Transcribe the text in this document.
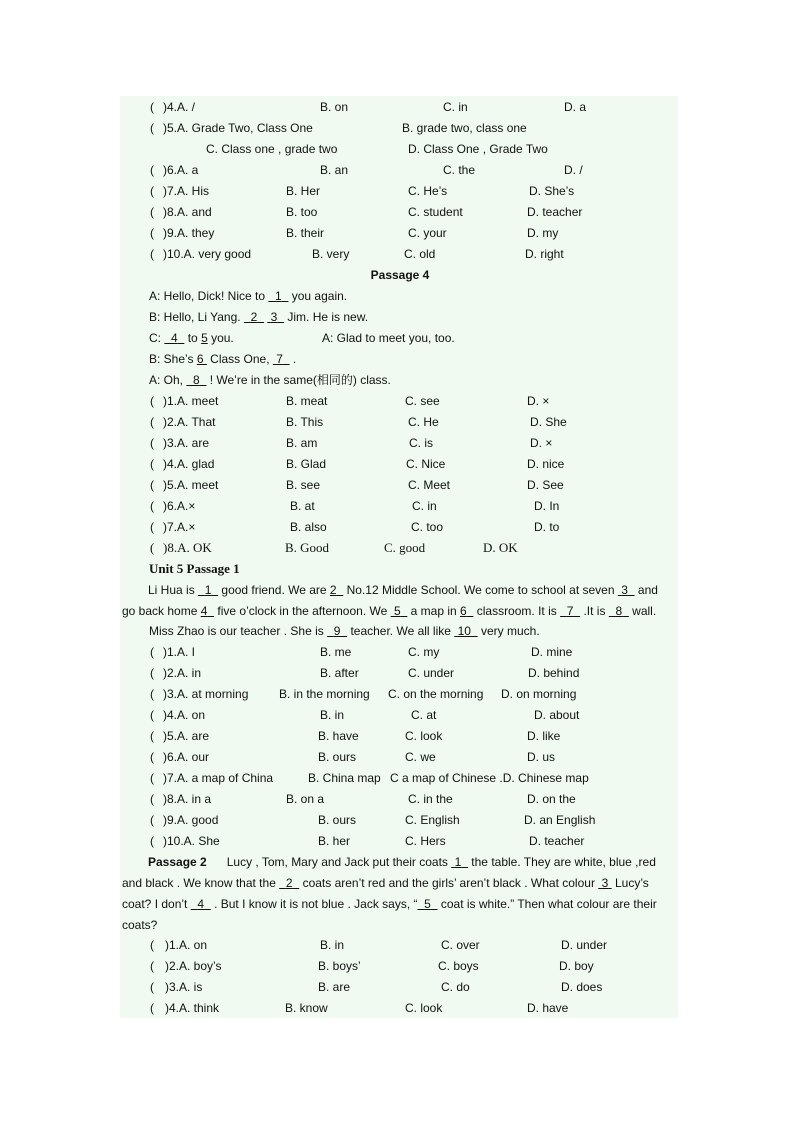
( )4.A. /	B. on	C. in	D. a
( )5.A. Grade Two, Class One	B. grade two, class one
C. Class one , grade two	D. Class One , Grade Two
( )6.A. a	B. an	C. the	D. /
( )7.A. His	B. Her	C. He’s	D. She’s
( )8.A. and	B. too	C. student	D. teacher
( )9.A. they	B. their	C. your	D. my
( )10.A. very good	B. very	C. old	D. right
Passage 4
A: Hello, Dick! Nice to   1   you again.
B: Hello, Li Yang.   2 3   Jim. He is new.
C:   4   to 5 you.	A: Glad to meet you, too.
B: She’s 6  Class One,  7   .
A: Oh,   8   ! We’re in the same(相同的) class.
( )1.A. meet	B. meat	C. see	D. ×
( )2.A. That	B. This	C. He	D. She
( )3.A. are	B. am	C. is	D. ×
( )4.A. glad	B. Glad	C. Nice	D. nice
( )5.A. meet	B. see	C. Meet	D. See
( )6.A.×	B. at	C. in	D. In
( )7.A.×	B. also	C. too	D. to
( )8.A. OK	B. Good	C. good	D. OK
Unit 5 Passage 1
Li Hua is   1   good friend. We are 2   No.12 Middle School. We come to school at seven  3   and go back home 4   five o’clock in the afternoon. We  5   a map in 6   classroom. It is   7   .It is   8   wall.
Miss Zhao is our teacher . She is   9   teacher. We all like  10   very much.
( )1.A. I	B. me	C. my	D. mine
( )2.A. in	B. after	C. under	D. behind
( )3.A. at morning	B. in the morning C. on the morning D. on morning
( )4.A. on	B. in	C. at	D. about
( )5.A. are	B. have	C. look	D. like
( )6.A. our	B. ours	C. we	D. us
( )7.A. a map of China	B. China map C a map of Chinese .D. Chinese map
( )8.A. in a	B. on a	C. in the	D. on the
( )9.A. good	B. ours	C. English	D. an English
( )10.A. She	B. her	C. Hers	D. teacher
Passage 2 Lucy , Tom, Mary and Jack put their coats  1   the table. They are white, blue ,red and black . We know that the   2   coats aren’t red and the girls’ aren’t black . What colour  3  Lucy’s coat? I don’t   4   . But I know it is not blue . Jack says, “ 5   coat is white.” Then what colour are their coats?
( )1.A. on	B. in	C. over	D. under
( )2.A. boy’s	B. boys’	C. boys	D. boy
( )3.A. is	B. are	C. do	D. does
( )4.A. think	B. know	C. look	D. have
